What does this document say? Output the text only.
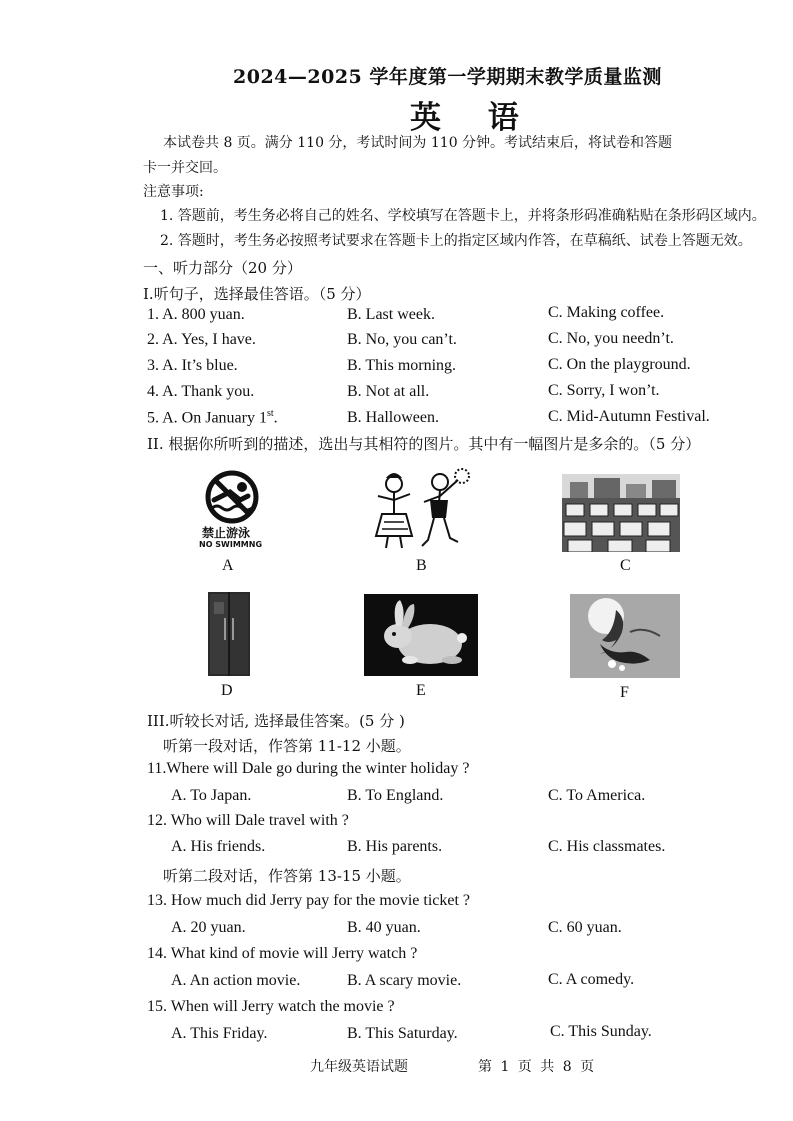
2024—2025 学年度第一学期期末教学质量监测
英 语
本试卷共 8 页。满分 110 分，考试时间为 110 分钟。考试结束后，将试卷和答题
卡一并交回。
注意事项:
1. 答题前，考生务必将自己的姓名、学校填写在答题卡上，并将条形码准确粘贴在条形码区域内。
2. 答题时，考生务必按照考试要求在答题卡上的指定区域内作答，在草稿纸、试卷上答题无效。
一、听力部分（20 分）
I.听句子，选择最佳答语。（5 分）
1. A. 800 yuan.	B. Last week.	C. Making coffee.
2. A. Yes, I have.	B. No, you can’t.	C. No, you needn’t.
3. A. It’s blue.	B. This morning.	C. On the playground.
4. A. Thank you.	B. Not at all.	C. Sorry, I won’t.
5. A. On January 1st.	B. Halloween.	C. Mid-Autumn Festival.
II. 根据你所听到的描述，选出与其相符的图片。其中有一幅图片是多余的。（5 分）
禁止游泳
NO SWIMMNG
A	B	C
D	E	F
III.听较长对话, 选择最佳答案。(5 分 )
听第一段对话，作答第 11-12 小题。
11.Where will Dale go during the winter holiday ?
A. To Japan.	B. To England.	C. To America.
12. Who will Dale travel with ?
A. His friends.	B. His parents.	C. His classmates.
听第二段对话，作答第 13-15 小题。
13. How much did Jerry pay for the movie ticket ?
A. 20 yuan.	B. 40 yuan.	C. 60 yuan.
14. What kind of movie will Jerry watch ?
A. An action movie.	B. A scary movie.	C. A comedy.
15. When will Jerry watch the movie ?
A. This Friday.	B. This Saturday.	C. This Sunday.
九年级英语试题	第 1 页 共 8 页
